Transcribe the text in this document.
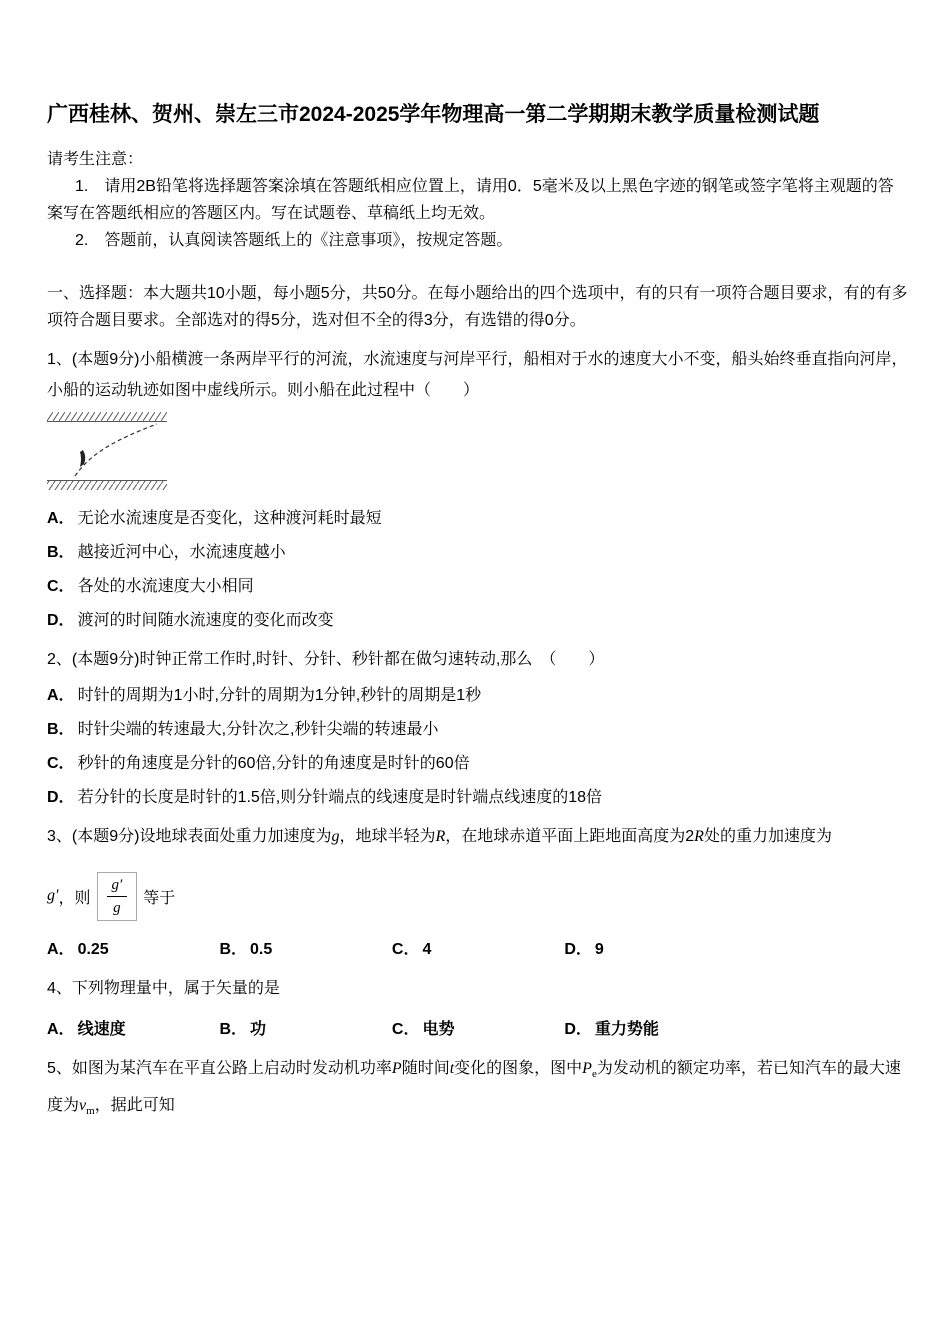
广西桂林、贺州、崇左三市2024-2025学年物理高一第二学期期末教学质量检测试题

请考生注意：

1.　请用2B铅笔将选择题答案涂填在答题纸相应位置上，请用0．5毫米及以上黑色字迹的钢笔或签字笔将主观题的答案写在答题纸相应的答题区内。写在试题卷、草稿纸上均无效。

2.　答题前，认真阅读答题纸上的《注意事项》，按规定答题。

一、选择题：本大题共10小题，每小题5分，共50分。在每小题给出的四个选项中，有的只有一项符合题目要求，有的有多项符合题目要求。全部选对的得5分，选对但不全的得3分，有选错的得0分。

1、(本题9分)小船横渡一条两岸平行的河流，水流速度与河岸平行，船相对于水的速度大小不变，船头始终垂直指向河岸，小船的运动轨迹如图中虚线所示。则小船在此过程中（　　）

A． 无论水流速度是否变化，这种渡河耗时最短

B． 越接近河中心，水流速度越小

C． 各处的水流速度大小相同

D． 渡河的时间随水流速度的变化而改变

2、(本题9分)时钟正常工作时,时针、分针、秒针都在做匀速转动,那么　（　　）

A． 时针的周期为1小时,分针的周期为1分钟,秒针的周期是1秒

B． 时针尖端的转速最大,分针次之,秒针尖端的转速最小

C． 秒针的角速度是分针的60倍,分针的角速度是时针的60倍

D． 若分针的长度是时针的1.5倍,则分针端点的线速度是时针端点线速度的18倍

3、(本题9分)设地球表面处重力加速度为g，地球半轻为R，在地球赤道平面上距地面高度为2R处的重力加速度为

g′ ，则 $\frac{g'}{g}$ 等于
A． 0.25	B． 0.5	C． 4	D． 9

4、下列物理量中，属于矢量的是

A． 线速度	B． 功	C． 电势	D． 重力势能

5、如图为某汽车在平直公路上启动时发动机功率P随时间t变化的图象，图中$P_e$为发动机的额定功率，若已知汽车的最大速度为$v_m$，据此可知
